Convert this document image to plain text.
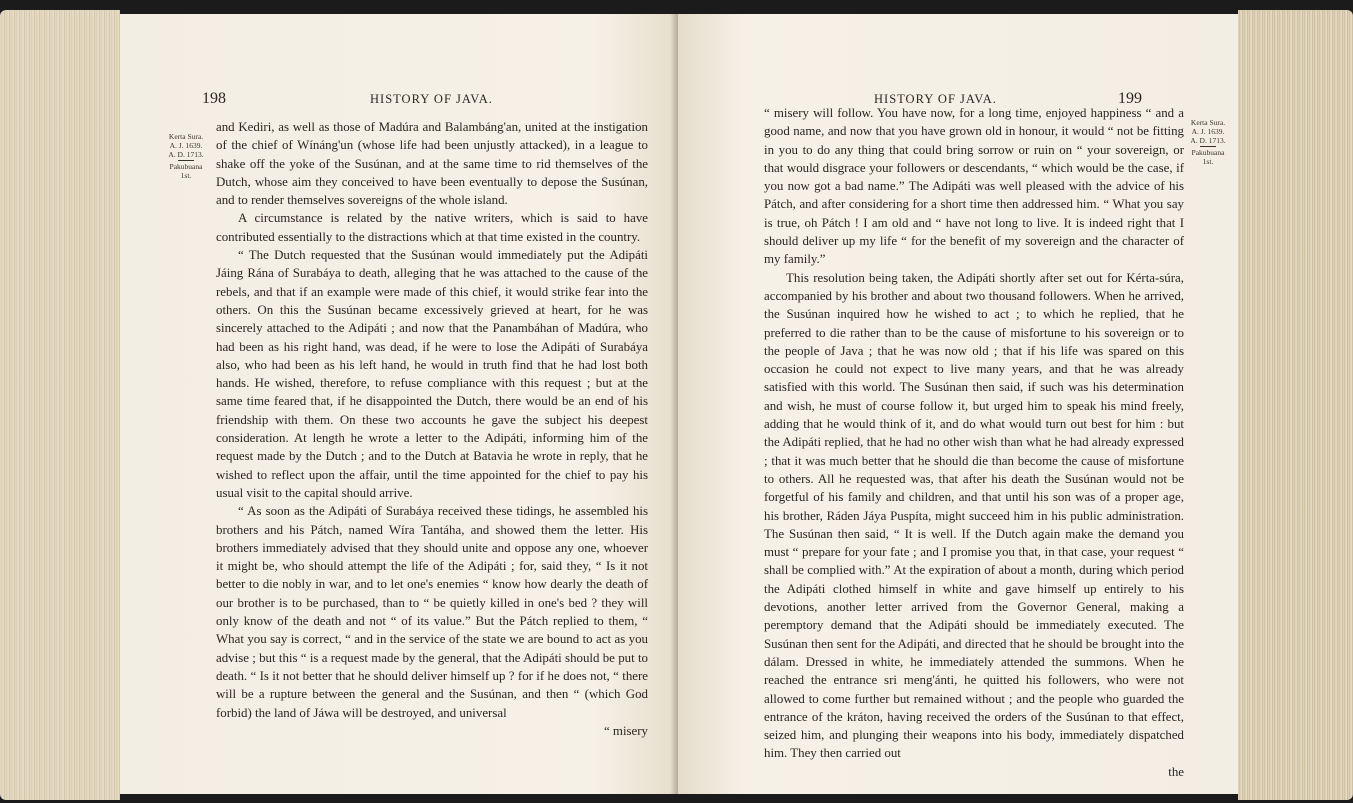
198	HISTORY OF JAVA.
Kerta Sura.
A. J. 1639.
A. D. 1713.
Pakubuana 1st.

and Kediri, as well as those of Madúra and Balambáng'an, united at the instigation of the chief of Wínáng'un (whose life had been unjustly attacked), in a league to shake off the yoke of the Susúnan, and at the same time to rid themselves of the Dutch, whose aim they conceived to have been eventually to depose the Susúnan, and to render themselves sovereigns of the whole island.

A circumstance is related by the native writers, which is said to have contributed essentially to the distractions which at that time existed in the country.

“ The Dutch requested that the Susúnan would immediately put the Adipáti Jáing Rána of Surabáya to death, alleging that he was attached to the cause of the rebels, and that if an example were made of this chief, it would strike fear into the others. On this the Susúnan became excessively grieved at heart, for he was sincerely attached to the Adipáti ; and now that the Panambáhan of Madúra, who had been as his right hand, was dead, if he were to lose the Adipáti of Surabáya also, who had been as his left hand, he would in truth find that he had lost both hands. He wished, therefore, to refuse compliance with this request ; but at the same time feared that, if he disappointed the Dutch, there would be an end of his friendship with them. On these two accounts he gave the subject his deepest consideration. At length he wrote a letter to the Adipáti, informing him of the request made by the Dutch ; and to the Dutch at Batavia he wrote in reply, that he wished to reflect upon the affair, until the time appointed for the chief to pay his usual visit to the capital should arrive.

“ As soon as the Adipáti of Surabáya received these tidings, he assembled his brothers and his Pátch, named Wíra Tantáha, and showed them the letter. His brothers immediately advised that they should unite and oppose any one, whoever it might be, who should attempt the life of the Adipáti ; for, said they, “ Is it not better to die nobly in war, and to let one's enemies “ know how dearly the death of our brother is to be purchased, than to “ be quietly killed in one's bed ? they will only know of the death and not “ of its value.” But the Pátch replied to them, “ What you say is correct, “ and in the service of the state we are bound to act as you advise ; but this “ is a request made by the general, that the Adipáti should be put to death. “ Is it not better that he should deliver himself up ? for if he does not, “ there will be a rupture between the general and the Susúnan, and then “ (which God forbid) the land of Jáwa will be destroyed, and universal

“ misery

HISTORY OF JAVA.	199
Kerta Sura.
A. J. 1639.
A. D. 1713.
Pakubuana 1st.

“ misery will follow. You have now, for a long time, enjoyed happiness “ and a good name, and now that you have grown old in honour, it would “ not be fitting in you to do any thing that could bring sorrow or ruin on “ your sovereign, or that would disgrace your followers or descendants, “ which would be the case, if you now got a bad name.” The Adipáti was well pleased with the advice of his Pátch, and after considering for a short time then addressed him. “ What you say is true, oh Pátch ! I am old and “ have not long to live. It is indeed right that I should deliver up my life “ for the benefit of my sovereign and the character of my family.”

This resolution being taken, the Adipáti shortly after set out for Kérta-súra, accompanied by his brother and about two thousand followers. When he arrived, the Susúnan inquired how he wished to act ; to which he replied, that he preferred to die rather than to be the cause of misfortune to his sovereign or to the people of Java ; that he was now old ; that if his life was spared on this occasion he could not expect to live many years, and that he was already satisfied with this world. The Susúnan then said, if such was his determination and wish, he must of course follow it, but urged him to speak his mind freely, adding that he would think of it, and do what would turn out best for him : but the Adipáti replied, that he had no other wish than what he had already expressed ; that it was much better that he should die than become the cause of misfortune to others. All he requested was, that after his death the Susúnan would not be forgetful of his family and children, and that until his son was of a proper age, his brother, Ráden Jáya Puspíta, might succeed him in his public administration. The Susúnan then said, “ It is well. If the Dutch again make the demand you must “ prepare for your fate ; and I promise you that, in that case, your request “ shall be complied with.” At the expiration of about a month, during which period the Adipáti clothed himself in white and gave himself up entirely to his devotions, another letter arrived from the Governor General, making a peremptory demand that the Adipáti should be immediately executed. The Susúnan then sent for the Adipáti, and directed that he should be brought into the dálam. Dressed in white, he immediately attended the summons. When he reached the entrance sri meng'ánti, he quitted his followers, who were not allowed to come further but remained without ; and the people who guarded the entrance of the kráton, having received the orders of the Susúnan to that effect, seized him, and plunging their weapons into his body, immediately dispatched him. They then carried out

the
